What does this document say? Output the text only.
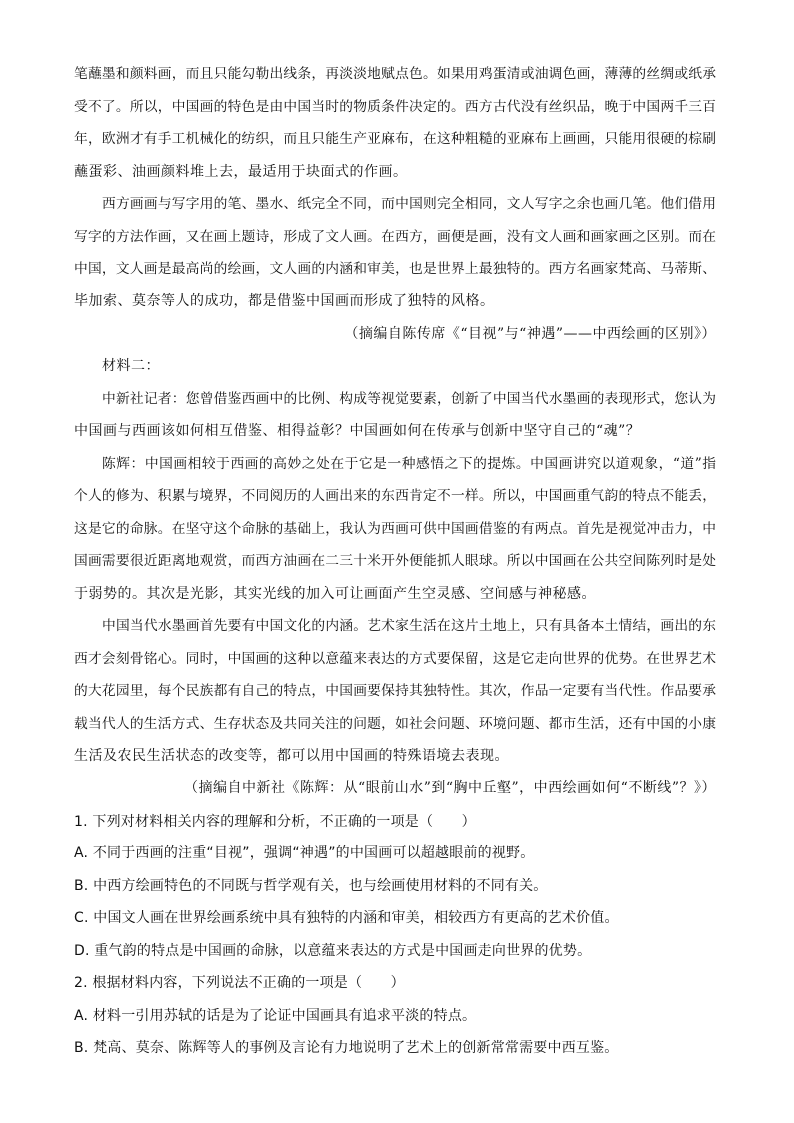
笔蘸墨和颜料画，而且只能勾勒出线条，再淡淡地赋点色。如果用鸡蛋清或油调色画，薄薄的丝绸或纸承
受不了。所以，中国画的特色是由中国当时的物质条件决定的。西方古代没有丝织品，晚于中国两千三百
年，欧洲才有手工机械化的纺织，而且只能生产亚麻布，在这种粗糙的亚麻布上画画，只能用很硬的棕刷
蘸蛋彩、油画颜料堆上去，最适用于块面式的作画。
西方画画与写字用的笔、墨水、纸完全不同，而中国则完全相同，文人写字之余也画几笔。他们借用
写字的方法作画，又在画上题诗，形成了文人画。在西方，画便是画，没有文人画和画家画之区别。而在
中国，文人画是最高尚的绘画，文人画的内涵和审美，也是世界上最独特的。西方名画家梵高、马蒂斯、
毕加索、莫奈等人的成功，都是借鉴中国画而形成了独特的风格。
（摘编自陈传席《“目视”与“神遇”——中西绘画的区别》）
材料二：
中新社记者：您曾借鉴西画中的比例、构成等视觉要素，创新了中国当代水墨画的表现形式，您认为
中国画与西画该如何相互借鉴、相得益彰？中国画如何在传承与创新中坚守自己的“魂”？
陈辉：中国画相较于西画的高妙之处在于它是一种感悟之下的提炼。中国画讲究以道观象，“道”指
个人的修为、积累与境界，不同阅历的人画出来的东西肯定不一样。所以，中国画重气韵的特点不能丢，
这是它的命脉。在坚守这个命脉的基础上，我认为西画可供中国画借鉴的有两点。首先是视觉冲击力，中
国画需要很近距离地观赏，而西方油画在二三十米开外便能抓人眼球。所以中国画在公共空间陈列时是处
于弱势的。其次是光影，其实光线的加入可让画面产生空灵感、空间感与神秘感。
中国当代水墨画首先要有中国文化的内涵。艺术家生活在这片土地上，只有具备本土情结，画出的东
西才会刻骨铭心。同时，中国画的这种以意蕴来表达的方式要保留，这是它走向世界的优势。在世界艺术
的大花园里，每个民族都有自己的特点，中国画要保持其独特性。其次，作品一定要有当代性。作品要承
载当代人的生活方式、生存状态及共同关注的问题，如社会问题、环境问题、都市生活，还有中国的小康
生活及农民生活状态的改变等，都可以用中国画的特殊语境去表现。
（摘编自中新社《陈辉：从“眼前山水”到“胸中丘壑”，中西绘画如何“不断线”？》）
1. 下列对材料相关内容的理解和分析，不正确的一项是（　　）
A. 不同于西画的注重“目视”，强调“神遇”的中国画可以超越眼前的视野。
B. 中西方绘画特色的不同既与哲学观有关，也与绘画使用材料的不同有关。
C. 中国文人画在世界绘画系统中具有独特的内涵和审美，相较西方有更高的艺术价值。
D. 重气韵的特点是中国画的命脉，以意蕴来表达的方式是中国画走向世界的优势。
2. 根据材料内容，下列说法不正确的一项是（　　）
A. 材料一引用苏轼的话是为了论证中国画具有追求平淡的特点。
B. 梵高、莫奈、陈辉等人的事例及言论有力地说明了艺术上的创新常常需要中西互鉴。
